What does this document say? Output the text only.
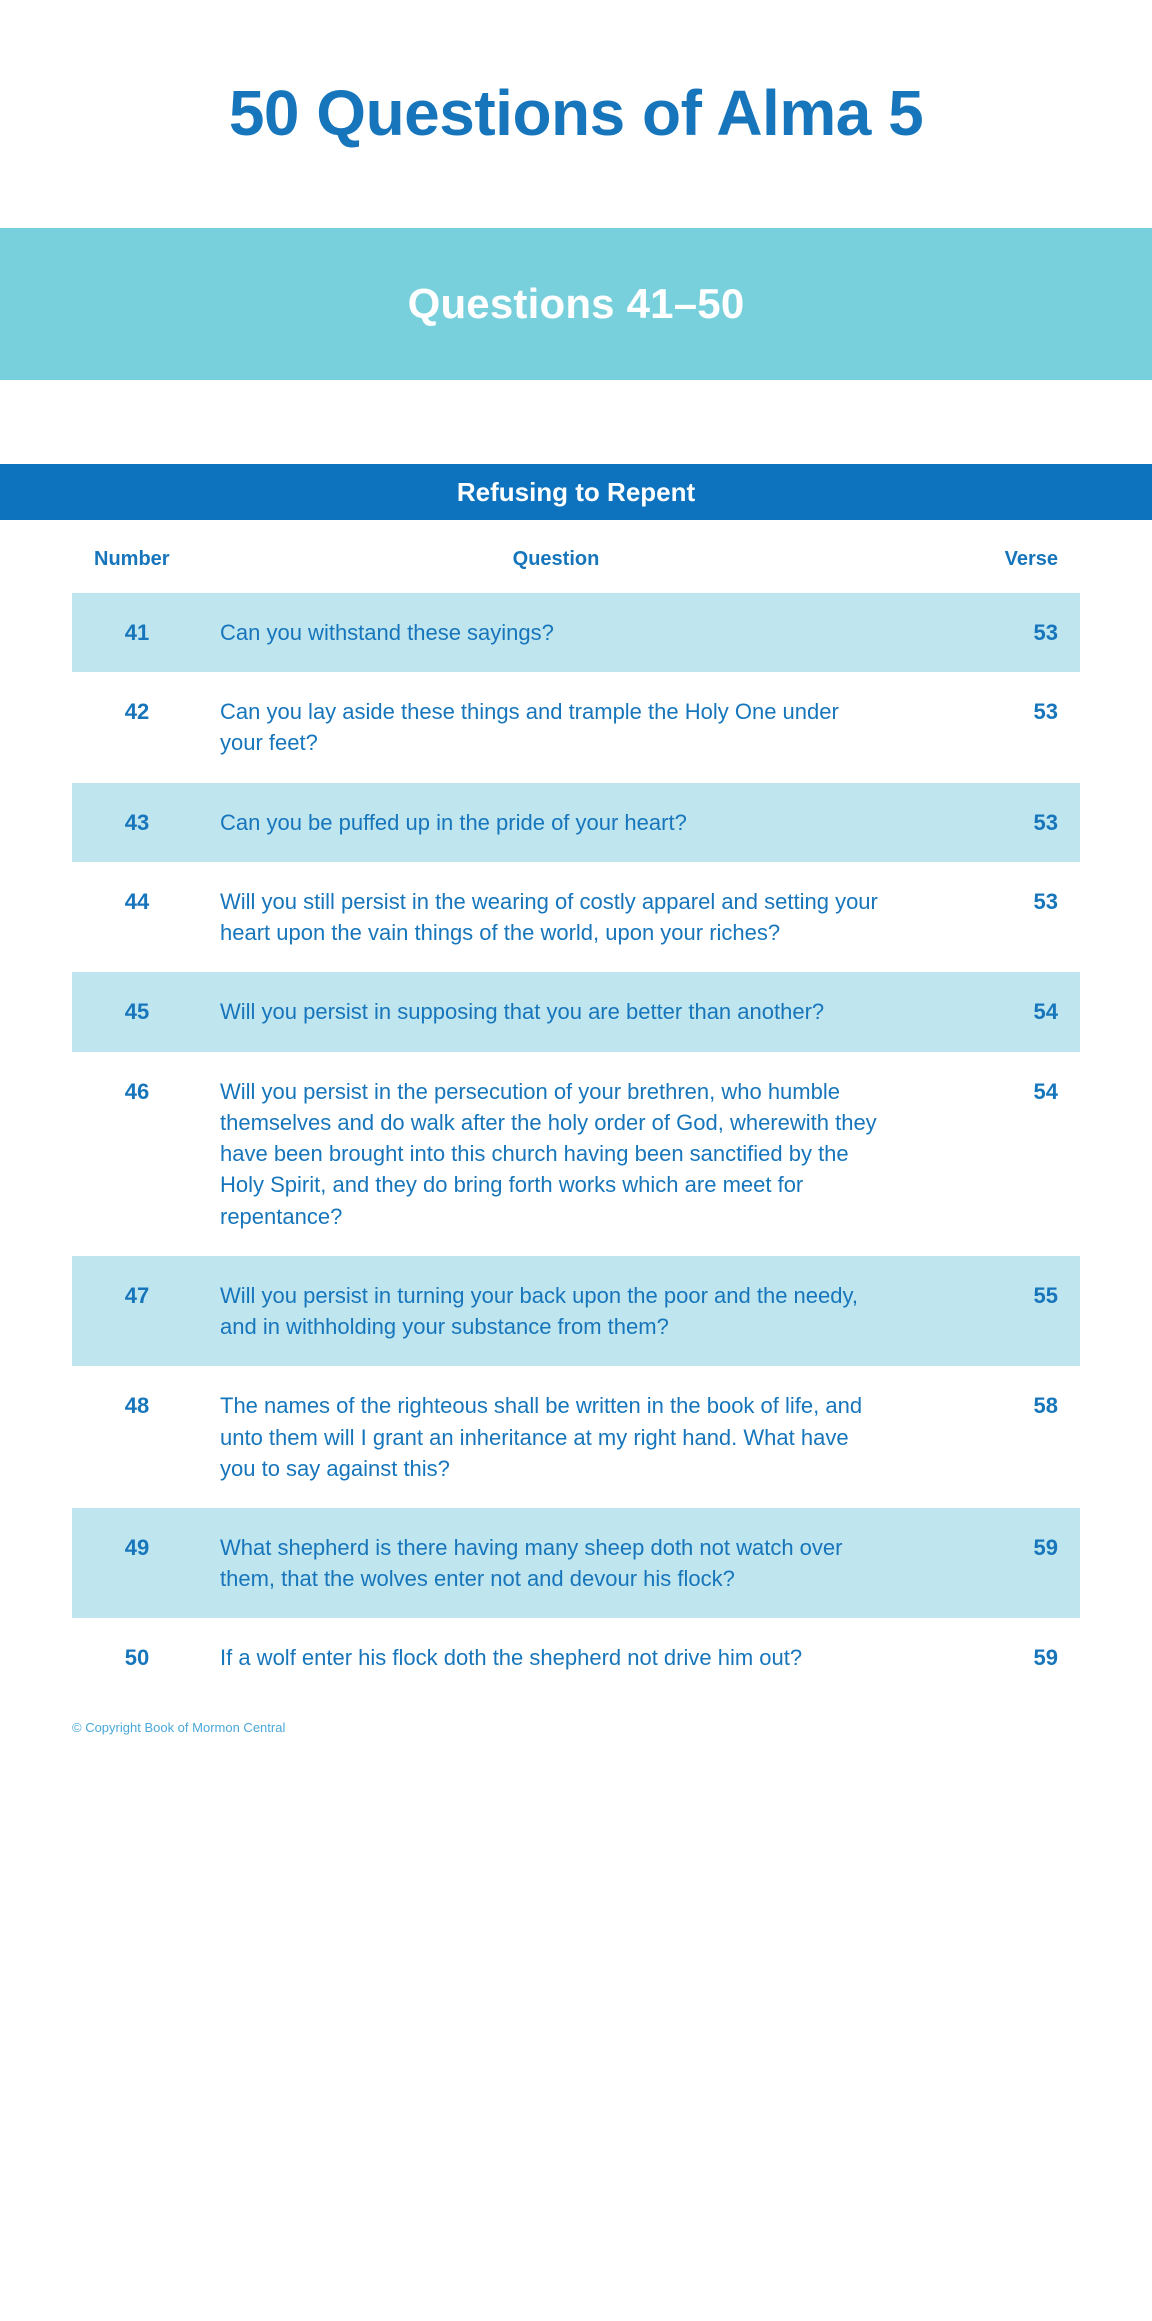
50 Questions of Alma 5
Questions 41–50
Refusing to Repent
Number	Question	Verse
41	Can you withstand these sayings?	53
42	Can you lay aside these things and trample the Holy One under your feet?	53
43	Can you be puffed up in the pride of your heart?	53
44	Will you still persist in the wearing of costly apparel and setting your heart upon the vain things of the world, upon your riches?	53
45	Will you persist in supposing that you are better than another?	54
46	Will you persist in the persecution of your brethren, who humble themselves and do walk after the holy order of God, wherewith they have been brought into this church having been sanctified by the Holy Spirit, and they do bring forth works which are meet for repentance?	54
47	Will you persist in turning your back upon the poor and the needy, and in withholding your substance from them?	55
48	The names of the righteous shall be written in the book of life, and unto them will I grant an inheritance at my right hand. What have you to say against this?	58
49	What shepherd is there having many sheep doth not watch over them, that the wolves enter not and devour his flock?	59
50	If a wolf enter his flock doth the shepherd not drive him out?	59
© Copyright Book of Mormon Central
